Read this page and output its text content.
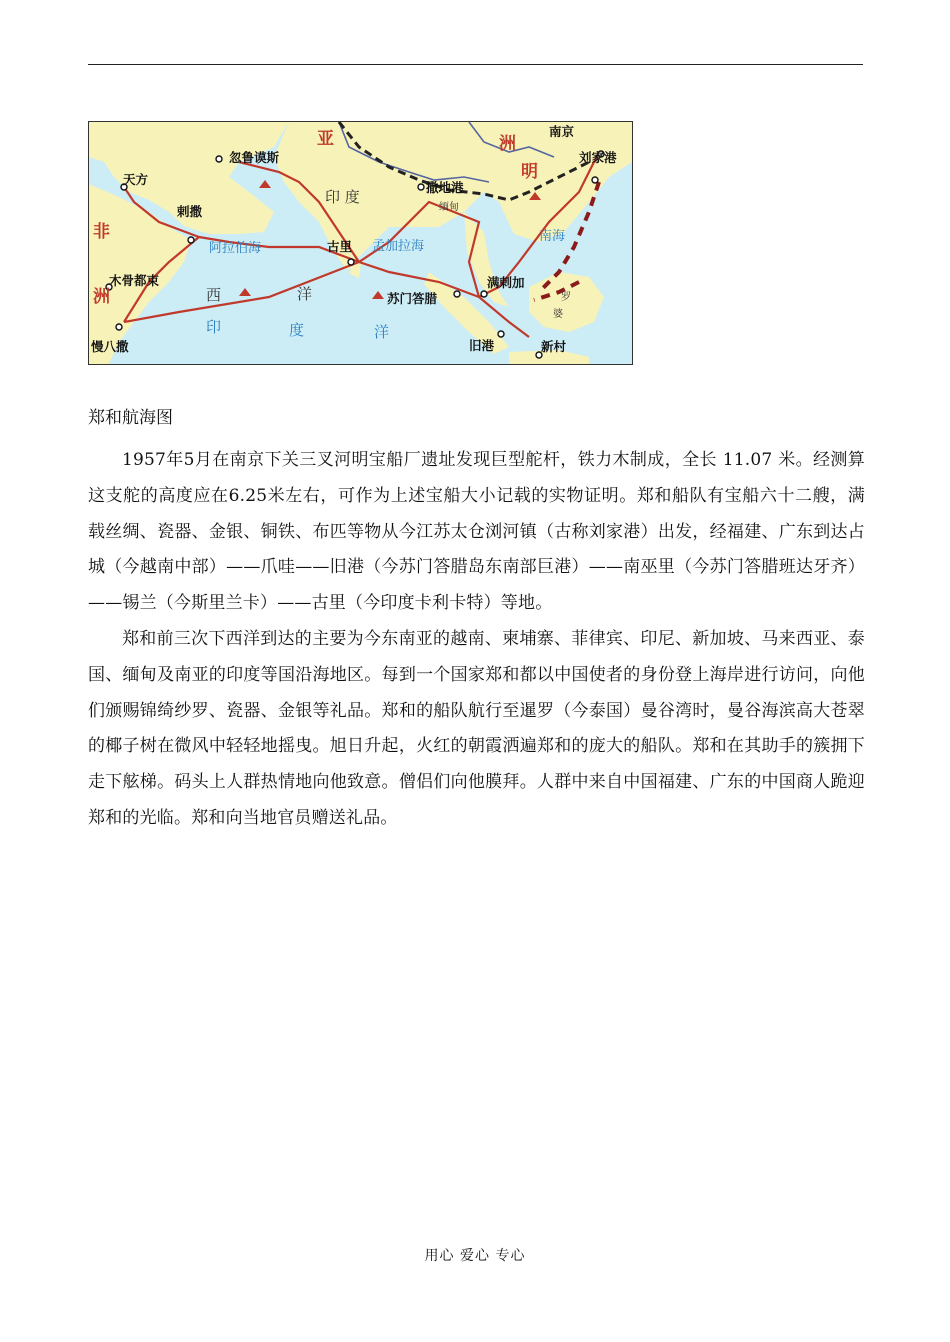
亚	洲
明
非
洲
印 度
阿拉伯海	孟加拉海
南海
印	度	洋
西	洋
南京
刘家港
忽鲁谟斯
天方
剌撒
木骨都束
慢八撒
古里
撒地港
苏门答腊
满剌加
旧港	新村
缅甸
罗
婆
郑和航海图

1957年5月在南京下关三叉河明宝船厂遗址发现巨型舵杆，铁力木制成，全长 11.07 米。经测算这支舵的高度应在6.25米左右，可作为上述宝船大小记载的实物证明。郑和船队有宝船六十二艘，满载丝绸、瓷器、金银、铜铁、布匹等物从今江苏太仓浏河镇（古称刘家港）出发，经福建、广东到达占城（今越南中部）——爪哇——旧港（今苏门答腊岛东南部巨港）——南巫里（今苏门答腊班达牙齐）——锡兰（今斯里兰卡）——古里（今印度卡利卡特）等地。

郑和前三次下西洋到达的主要为今东南亚的越南、柬埔寨、菲律宾、印尼、新加坡、马来西亚、泰国、缅甸及南亚的印度等国沿海地区。每到一个国家郑和都以中国使者的身份登上海岸进行访问，向他们颁赐锦绮纱罗、瓷器、金银等礼品。郑和的船队航行至暹罗（今泰国）曼谷湾时，曼谷海滨高大苍翠的椰子树在微风中轻轻地摇曳。旭日升起，火红的朝霞洒遍郑和的庞大的船队。郑和在其助手的簇拥下走下舷梯。码头上人群热情地向他致意。僧侣们向他膜拜。人群中来自中国福建、广东的中国商人跪迎郑和的光临。郑和向当地官员赠送礼品。

用心 爱心 专心
